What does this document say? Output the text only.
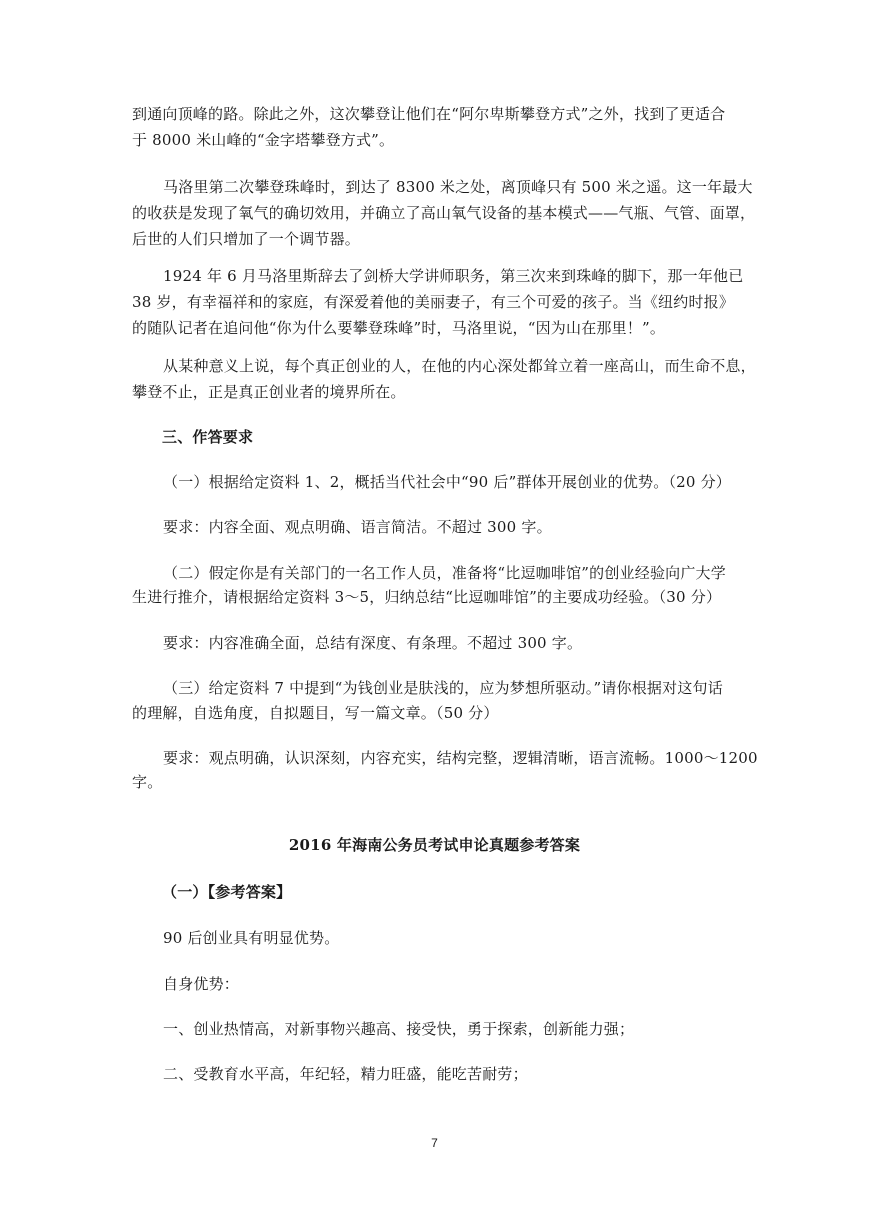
到通向顶峰的路。除此之外，这次攀登让他们在“阿尔卑斯攀登方式”之外，找到了更适合
于 8000 米山峰的“金字塔攀登方式”。
马洛里第二次攀登珠峰时，到达了 8300 米之处，离顶峰只有 500 米之遥。这一年最大
的收获是发现了氧气的确切效用，并确立了高山氧气设备的基本模式——气瓶、气管、面罩，
后世的人们只增加了一个调节器。
1924 年 6 月马洛里斯辞去了剑桥大学讲师职务，第三次来到珠峰的脚下，那一年他已
38 岁，有幸福祥和的家庭，有深爱着他的美丽妻子，有三个可爱的孩子。当《纽约时报》
的随队记者在追问他“你为什么要攀登珠峰”时，马洛里说，“因为山在那里！”。
从某种意义上说，每个真正创业的人，在他的内心深处都耸立着一座高山，而生命不息，
攀登不止，正是真正创业者的境界所在。
三、作答要求
（一）根据给定资料 1、2，概括当代社会中“90 后”群体开展创业的优势。（20 分）
要求：内容全面、观点明确、语言简洁。不超过 300 字。
（二）假定你是有关部门的一名工作人员，准备将“比逗咖啡馆”的创业经验向广大学
生进行推介，请根据给定资料 3～5，归纳总结“比逗咖啡馆”的主要成功经验。（30 分）
要求：内容准确全面，总结有深度、有条理。不超过 300 字。
（三）给定资料 7 中提到“为钱创业是肤浅的，应为梦想所驱动。”请你根据对这句话
的理解，自选角度，自拟题目，写一篇文章。（50 分）
要求：观点明确，认识深刻，内容充实，结构完整，逻辑清晰，语言流畅。1000～1200
字。
2016 年海南公务员考试申论真题参考答案
（一）【参考答案】
90 后创业具有明显优势。
自身优势：
一、创业热情高，对新事物兴趣高、接受快，勇于探索，创新能力强；
二、受教育水平高，年纪轻，精力旺盛，能吃苦耐劳；
7
